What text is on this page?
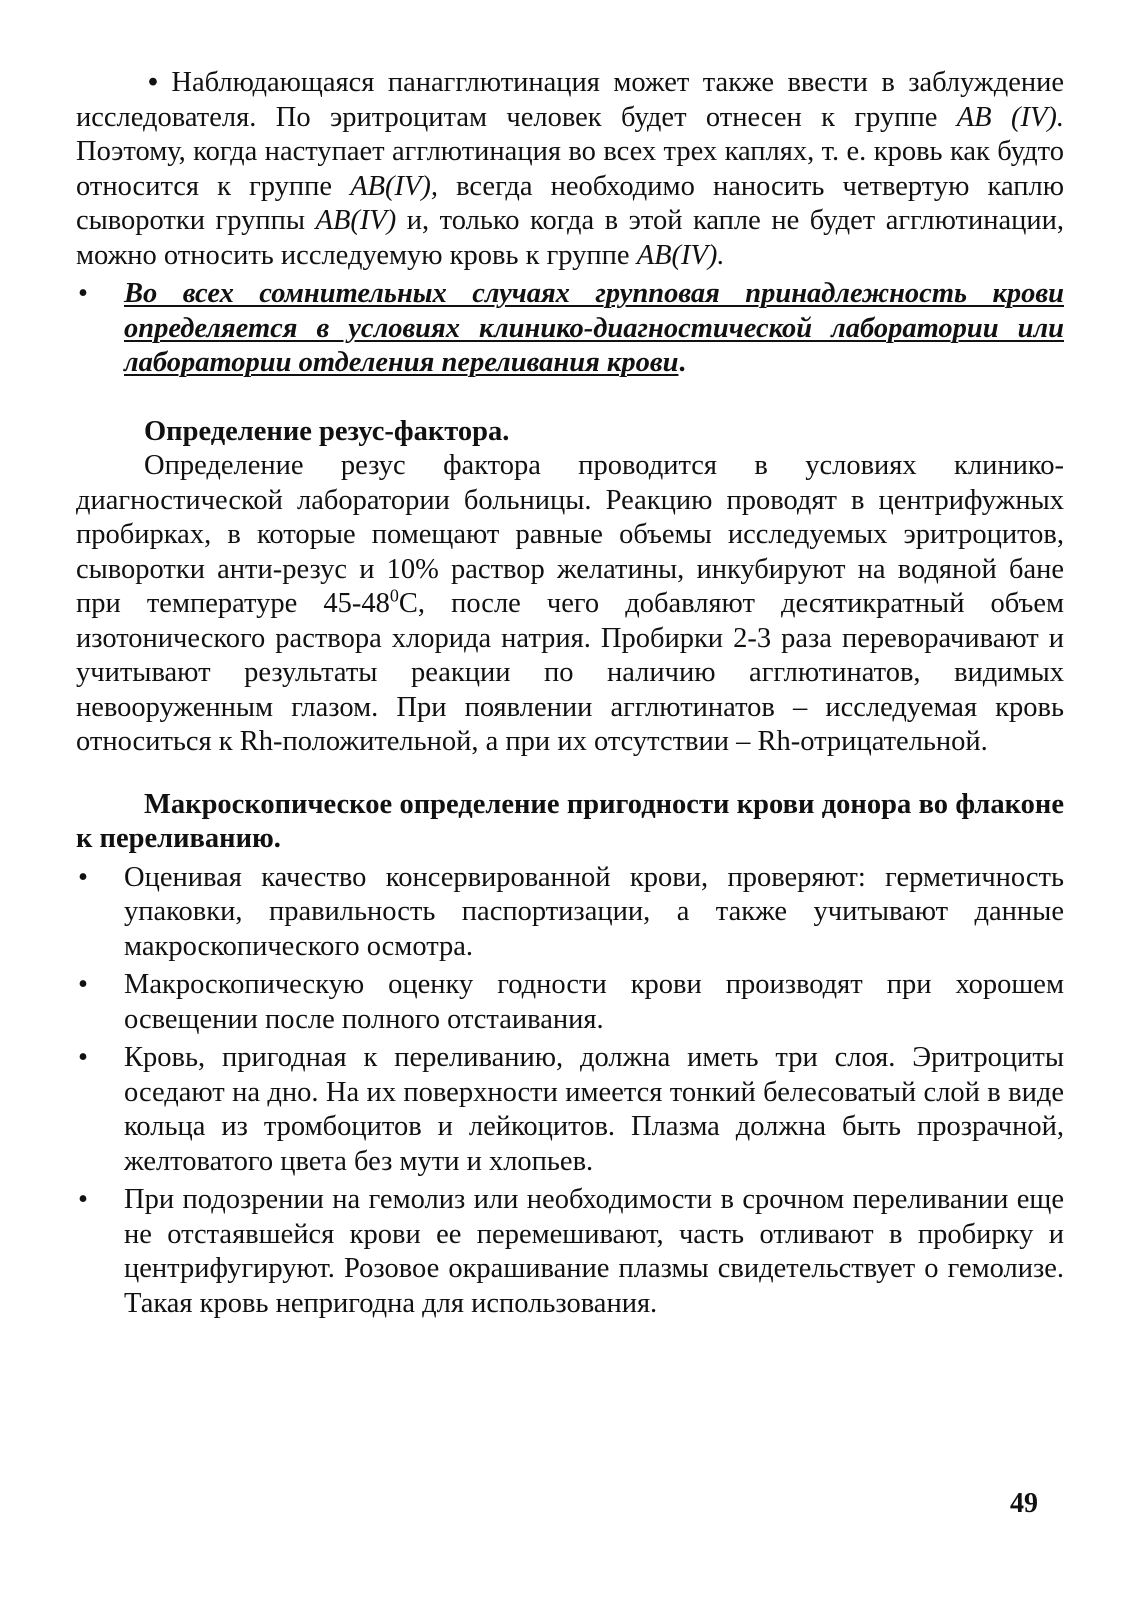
• Наблюдающаяся панагглютинация может также ввести в заблуждение исследователя. По эритроцитам человек будет отнесен к группе AB (IV). Поэтому, когда наступает агглютинация во всех трех каплях, т. е. кровь как будто относится к группе AB(IV), всегда необходимо наносить четвертую каплю сыворотки группы AB(IV) и, только когда в этой капле не будет агглютинации, можно относить исследуемую кровь к группе AB(IV).

• Во всех сомнительных случаях групповая принадлежность крови определяется в условиях клинико-диагностической лаборатории или лаборатории отделения переливания крови.

Определение резус-фактора.

Определение резус фактора проводится в условиях клинико-диагностической лаборатории больницы. Реакцию проводят в центрифужных пробирках, в которые помещают равные объемы исследуемых эритроцитов, сыворотки анти-резус и 10% раствор желатины, инкубируют на водяной бане при температуре $45-48^0С$, после чего добавляют десятикратный объем изотонического раствора хлорида натрия. Пробирки 2-3 раза переворачивают и учитывают результаты реакции по наличию агглютинатов, видимых невооруженным глазом. При появлении агглютинатов – исследуемая кровь относиться к Rh-положительной, а при их отсутствии – Rh-отрицательной.

Макроскопическое определение пригодности крови донора во флаконе к переливанию.

• Оценивая качество консервированной крови, проверяют: герметичность упаковки, правильность паспортизации, а также учитывают данные макроскопического осмотра.

• Макроскопическую оценку годности крови производят при хорошем освещении после полного отстаивания.

• Кровь, пригодная к переливанию, должна иметь три слоя. Эритроциты оседают на дно. На их поверхности имеется тонкий белесоватый слой в виде кольца из тромбоцитов и лейкоцитов. Плазма должна быть прозрачной, желтоватого цвета без мути и хлопьев.

• При подозрении на гемолиз или необходимости в срочном переливании еще не отстаявшейся крови ее перемешивают, часть отливают в пробирку и центрифугируют. Розовое окрашивание плазмы свидетельствует о гемолизе. Такая кровь непригодна для использования.

49
